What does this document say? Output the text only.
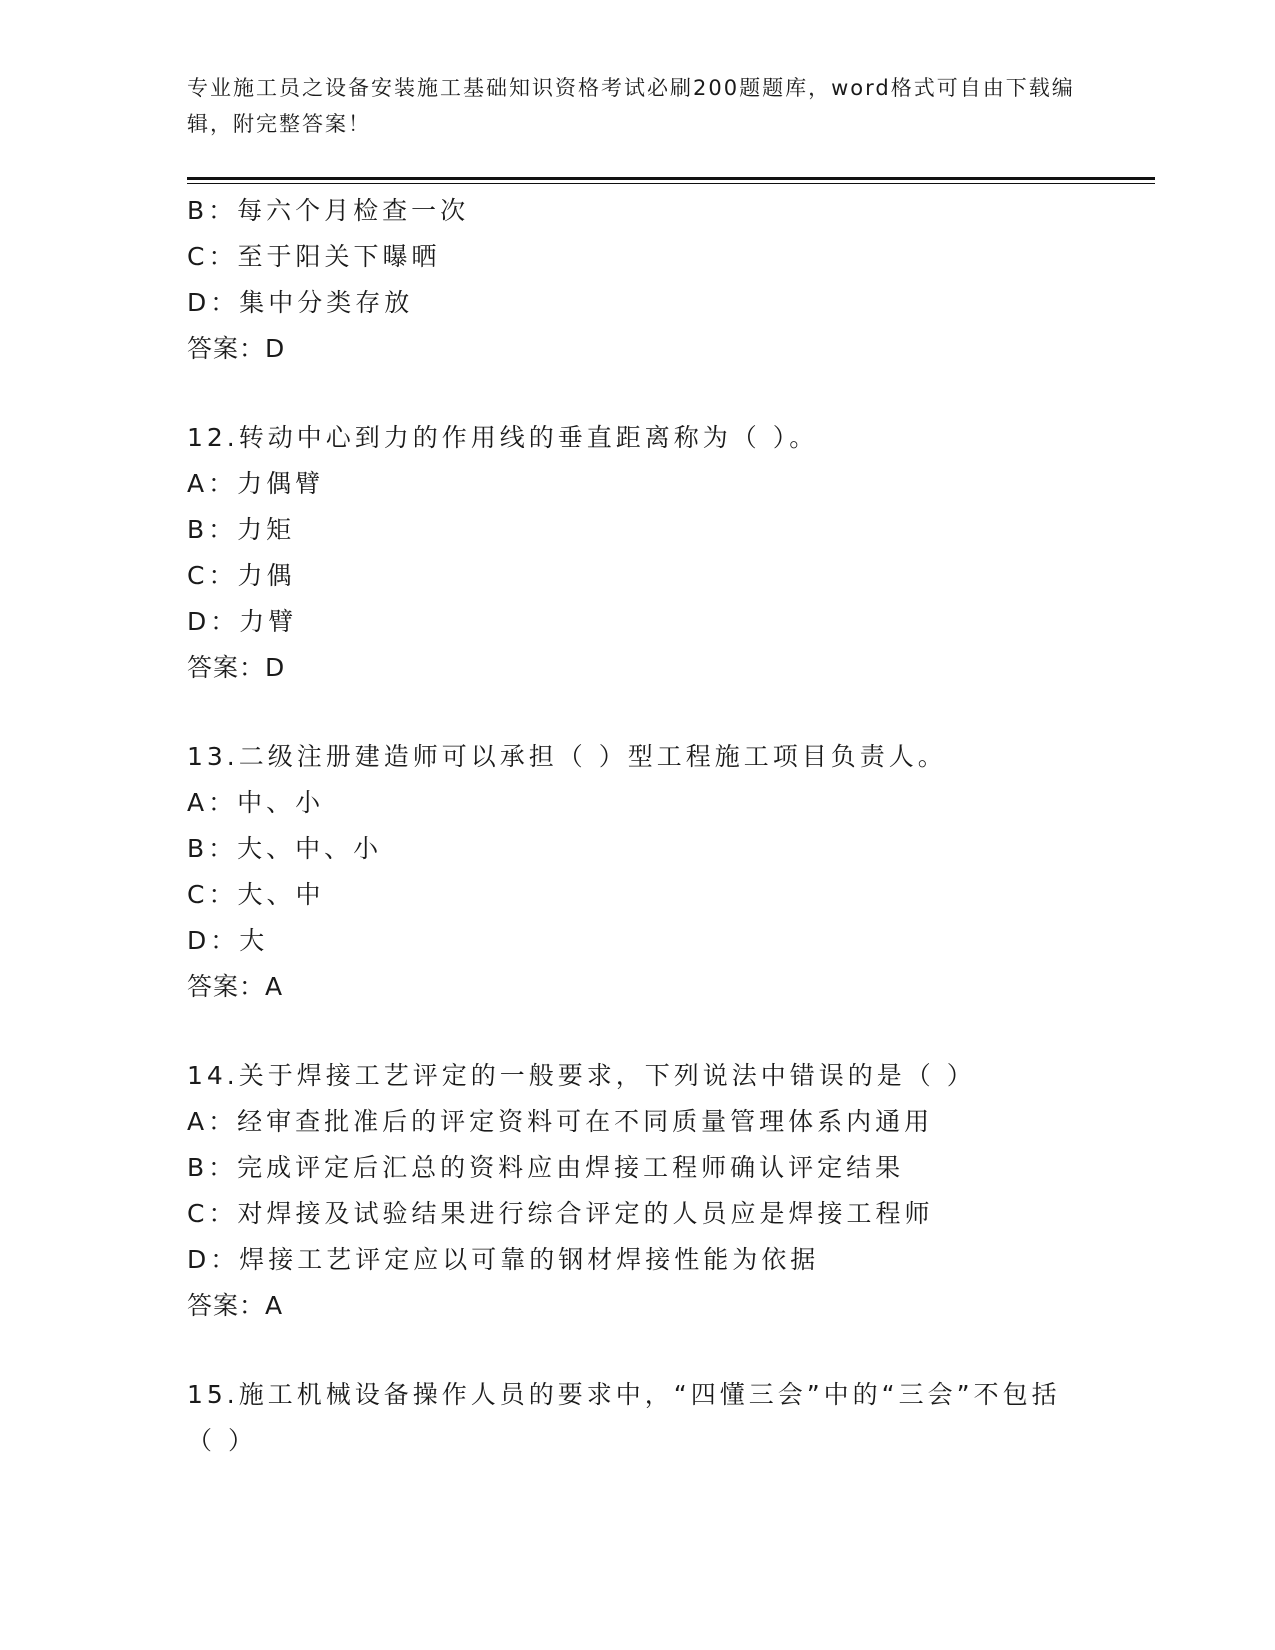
专业施工员之设备安装施工基础知识资格考试必刷200题题库，word格式可自由下载编辑，附完整答案！
B：每六个月检查一次
C：至于阳关下曝晒
D：集中分类存放
答案：D
12.转动中心到力的作用线的垂直距离称为（ ）。
A：力偶臂
B：力矩
C：力偶
D：力臂
答案：D
13.二级注册建造师可以承担（ ）型工程施工项目负责人。
A：中、小
B：大、中、小
C：大、中
D：大
答案：A
14.关于焊接工艺评定的一般要求，下列说法中错误的是（ ）
A：经审查批准后的评定资料可在不同质量管理体系内通用
B：完成评定后汇总的资料应由焊接工程师确认评定结果
C：对焊接及试验结果进行综合评定的人员应是焊接工程师
D：焊接工艺评定应以可靠的钢材焊接性能为依据
答案：A
15.施工机械设备操作人员的要求中，“四懂三会”中的“三会”不包括（ ）
